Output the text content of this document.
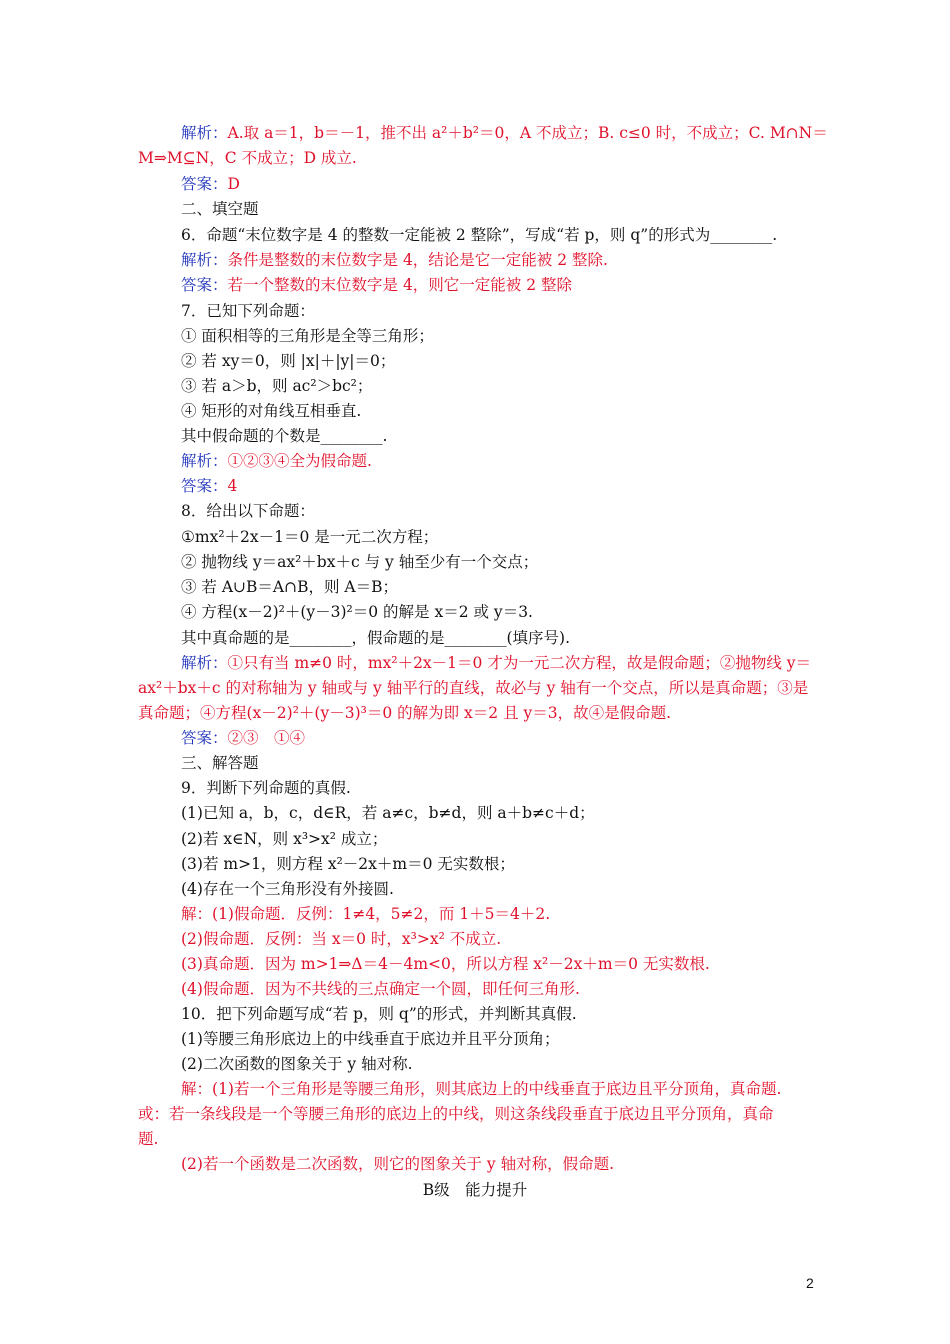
解析：A.取 a＝1，b＝－1，推不出 a²＋b²＝0，A 不成立；B. c≤0 时，不成立；C. M∩N＝
M⇒M⊆N，C 不成立；D 成立.
答案：D
二、填空题
6．命题“末位数字是 4 的整数一定能被 2 整除”，写成“若 p，则 q”的形式为________.
解析：条件是整数的末位数字是 4，结论是它一定能被 2 整除.
答案：若一个整数的末位数字是 4，则它一定能被 2 整除
7．已知下列命题：
① 面积相等的三角形是全等三角形；
② 若 xy＝0，则 |x|＋|y|＝0；
③ 若 a＞b，则 ac²＞bc²；
④ 矩形的对角线互相垂直.
其中假命题的个数是________.
解析：①②③④全为假命题.
答案：4
8．给出以下命题：
①mx²＋2x－1＝0 是一元二次方程；
② 抛物线 y＝ax²＋bx＋c 与 y 轴至少有一个交点；
③ 若 A∪B＝A∩B，则 A＝B；
④ 方程(x－2)²＋(y－3)²＝0 的解是 x＝2 或 y＝3.
其中真命题的是________，假命题的是________(填序号).
解析：①只有当 m≠0 时，mx²＋2x－1＝0 才为一元二次方程，故是假命题；②抛物线 y＝
ax²＋bx＋c 的对称轴为 y 轴或与 y 轴平行的直线，故必与 y 轴有一个交点，所以是真命题；③是
真命题；④方程(x－2)²＋(y－3)³＝0 的解为即 x＝2 且 y＝3，故④是假命题.
答案：②③　①④
三、解答题
9．判断下列命题的真假.
(1)已知 a，b，c，d∈R，若 a≠c，b≠d，则 a＋b≠c＋d；
(2)若 x∈N，则 x³>x² 成立；
(3)若 m>1，则方程 x²－2x＋m＝0 无实数根；
(4)存在一个三角形没有外接圆.
解：(1)假命题．反例：1≠4，5≠2，而 1＋5＝4＋2.
(2)假命题．反例：当 x＝0 时，x³>x² 不成立.
(3)真命题．因为 m>1⇒Δ＝4－4m<0，所以方程 x²－2x＋m＝0 无实数根.
(4)假命题．因为不共线的三点确定一个圆，即任何三角形.
10．把下列命题写成“若 p，则 q”的形式，并判断其真假.
(1)等腰三角形底边上的中线垂直于底边并且平分顶角；
(2)二次函数的图象关于 y 轴对称.
解：(1)若一个三角形是等腰三角形，则其底边上的中线垂直于底边且平分顶角，真命题.
或：若一条线段是一个等腰三角形的底边上的中线，则这条线段垂直于底边且平分顶角，真命
题.
(2)若一个函数是二次函数，则它的图象关于 y 轴对称，假命题.
B级　能力提升
2
